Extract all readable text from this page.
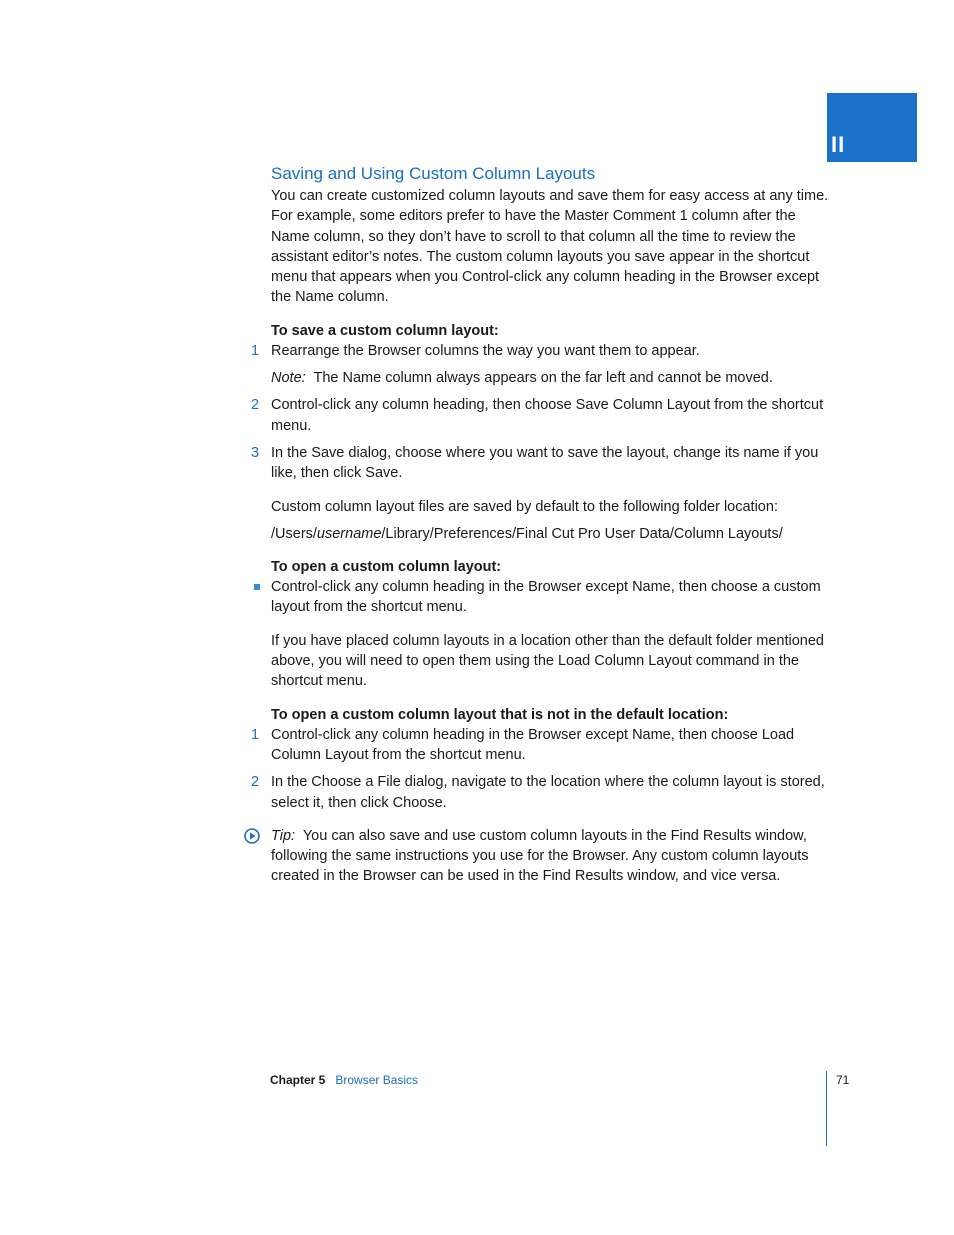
II
Saving and Using Custom Column Layouts

You can create customized column layouts and save them for easy access at any time. For example, some editors prefer to have the Master Comment 1 column after the Name column, so they don’t have to scroll to that column all the time to review the assistant editor’s notes. The custom column layouts you save appear in the shortcut menu that appears when you Control-click any column heading in the Browser except the Name column.

To save a custom column layout:
1 Rearrange the Browser columns the way you want them to appear.

Note: The Name column always appears on the far left and cannot be moved.

2 Control-click any column heading, then choose Save Column Layout from the shortcut menu.
3 In the Save dialog, choose where you want to save the layout, change its name if you like, then click Save.

Custom column layout files are saved by default to the following folder location:

/Users/username/Library/Preferences/Final Cut Pro User Data/Column Layouts/

To open a custom column layout:
Control-click any column heading in the Browser except Name, then choose a custom layout from the shortcut menu.

If you have placed column layouts in a location other than the default folder mentioned above, you will need to open them using the Load Column Layout command in the shortcut menu.

To open a custom column layout that is not in the default location:
1 Control-click any column heading in the Browser except Name, then choose Load Column Layout from the shortcut menu.
2 In the Choose a File dialog, navigate to the location where the column layout is stored, select it, then click Choose.
Tip: You can also save and use custom column layouts in the Find Results window, following the same instructions you use for the Browser. Any custom column layouts created in the Browser can be used in the Find Results window, and vice versa.
Chapter 5 Browser Basics	71
